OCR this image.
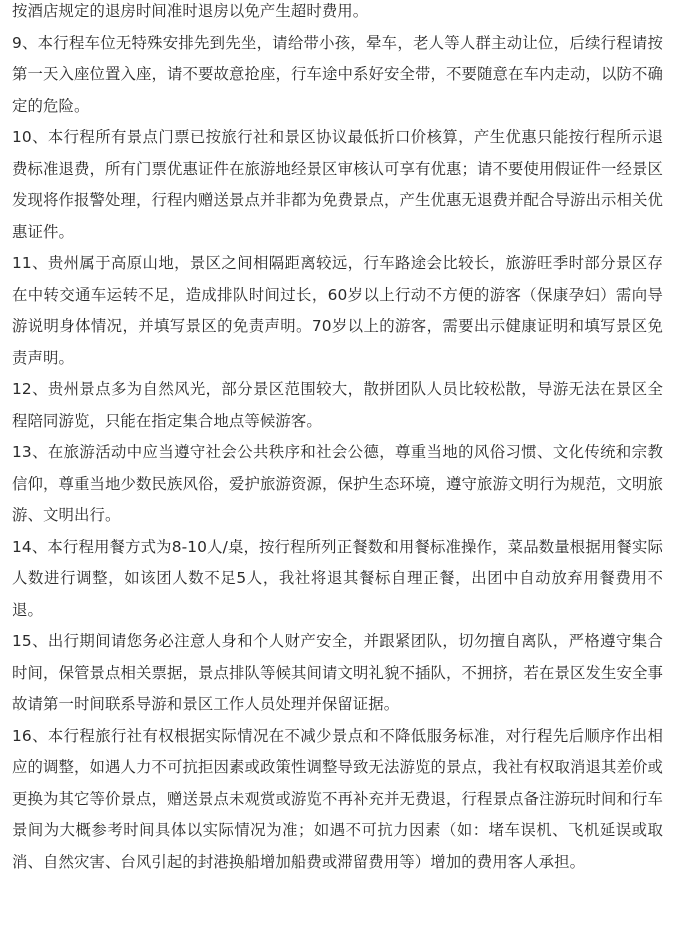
按酒店规定的退房时间准时退房以免产生超时费用。

9、本行程车位无特殊安排先到先坐，请给带小孩，晕车，老人等人群主动让位，后续行程请按第一天入座位置入座，请不要故意抢座，行车途中系好安全带，不要随意在车内走动，以防不确定的危险。

10、本行程所有景点门票已按旅行社和景区协议最低折口价核算，产生优惠只能按行程所示退费标准退费，所有门票优惠证件在旅游地经景区审核认可享有优惠；请不要使用假证件一经景区发现将作报警处理，行程内赠送景点并非都为免费景点，产生优惠无退费并配合导游出示相关优惠证件。

11、贵州属于高原山地，景区之间相隔距离较远，行车路途会比较长，旅游旺季时部分景区存在中转交通车运转不足，造成排队时间过长，60岁以上行动不方便的游客（保康孕妇）需向导游说明身体情况，并填写景区的免责声明。70岁以上的游客，需要出示健康证明和填写景区免责声明。

12、贵州景点多为自然风光，部分景区范围较大，散拼团队人员比较松散，导游无法在景区全程陪同游览，只能在指定集合地点等候游客。

13、在旅游活动中应当遵守社会公共秩序和社会公德，尊重当地的风俗习惯、文化传统和宗教信仰，尊重当地少数民族风俗，爱护旅游资源，保护生态环境，遵守旅游文明行为规范，文明旅游、文明出行。

14、本行程用餐方式为8-10人/桌，按行程所列正餐数和用餐标准操作，菜品数量根据用餐实际人数进行调整，如该团人数不足5人，我社将退其餐标自理正餐，出团中自动放弃用餐费用不退。

15、出行期间请您务必注意人身和个人财产安全，并跟紧团队，切勿擅自离队，严格遵守集合时间，保管景点相关票据，景点排队等候其间请文明礼貌不插队，不拥挤，若在景区发生安全事故请第一时间联系导游和景区工作人员处理并保留证据。

16、本行程旅行社有权根据实际情况在不减少景点和不降低服务标准，对行程先后顺序作出相应的调整，如遇人力不可抗拒因素或政策性调整导致无法游览的景点，我社有权取消退其差价或更换为其它等价景点，赠送景点未观赏或游览不再补充并无费退，行程景点备注游玩时间和行车景间为大概参考时间具体以实际情况为准；如遇不可抗力因素（如：堵车误机、飞机延误或取消、自然灾害、台风引起的封港换船增加船费或滞留费用等）增加的费用客人承担。
